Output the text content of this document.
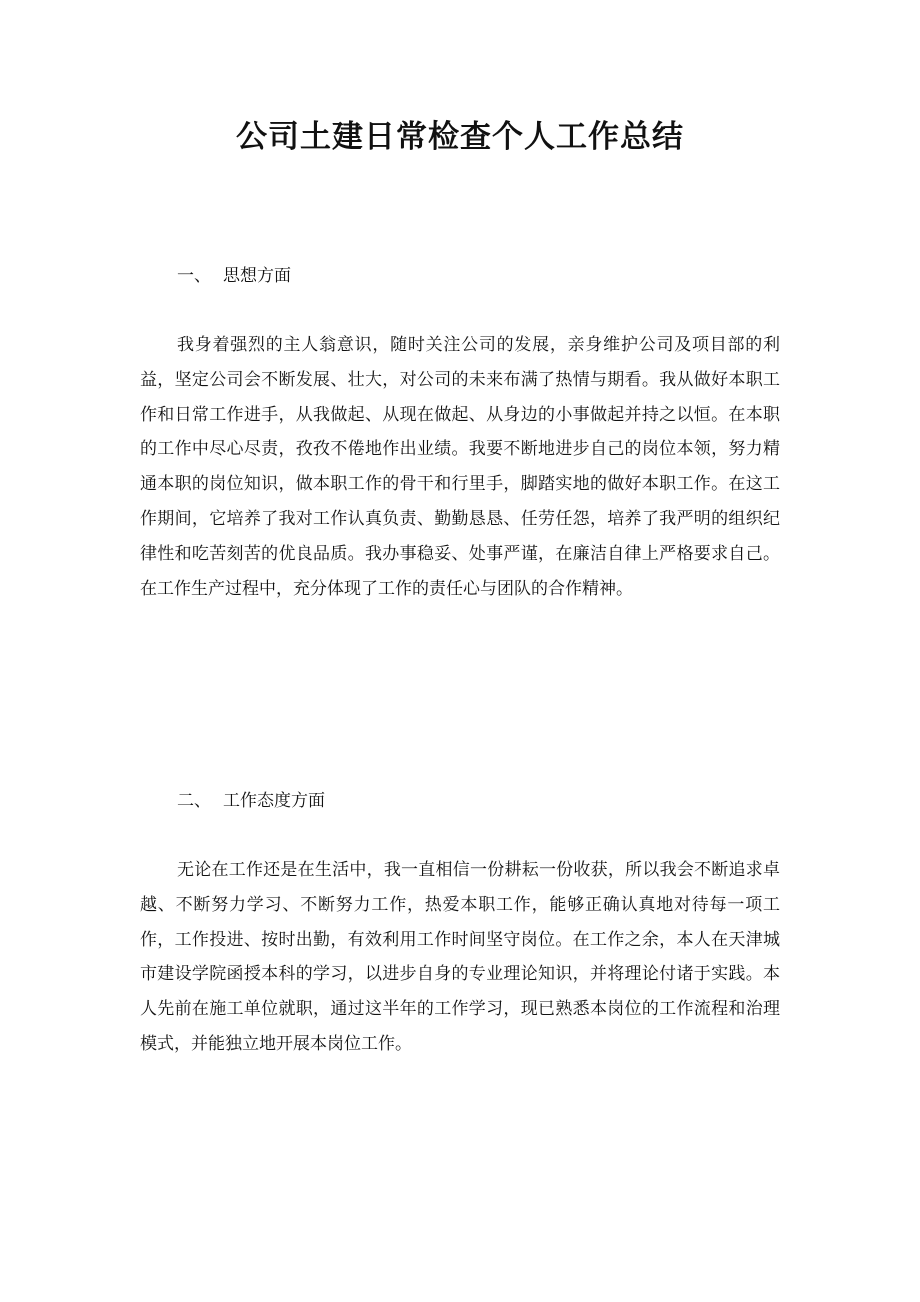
公司土建日常检查个人工作总结
一、 思想方面

我身着强烈的主人翁意识，随时关注公司的发展，亲身维护公司及项目部的利益，坚定公司会不断发展、壮大，对公司的未来布满了热情与期看。我从做好本职工作和日常工作进手，从我做起、从现在做起、从身边的小事做起并持之以恒。在本职的工作中尽心尽责，孜孜不倦地作出业绩。我要不断地进步自己的岗位本领，努力精通本职的岗位知识，做本职工作的骨干和行里手，脚踏实地的做好本职工作。在这工作期间，它培养了我对工作认真负责、勤勤恳恳、任劳任怨，培养了我严明的组织纪律性和吃苦刻苦的优良品质。我办事稳妥、处事严谨，在廉洁自律上严格要求自己。在工作生产过程中，充分体现了工作的责任心与团队的合作精神。

二、 工作态度方面

无论在工作还是在生活中，我一直相信一份耕耘一份收获，所以我会不断追求卓越、不断努力学习、不断努力工作，热爱本职工作，能够正确认真地对待每一项工作，工作投进、按时出勤，有效利用工作时间坚守岗位。在工作之余，本人在天津城市建设学院函授本科的学习，以进步自身的专业理论知识，并将理论付诸于实践。本人先前在施工单位就职，通过这半年的工作学习，现已熟悉本岗位的工作流程和治理模式，并能独立地开展本岗位工作。
